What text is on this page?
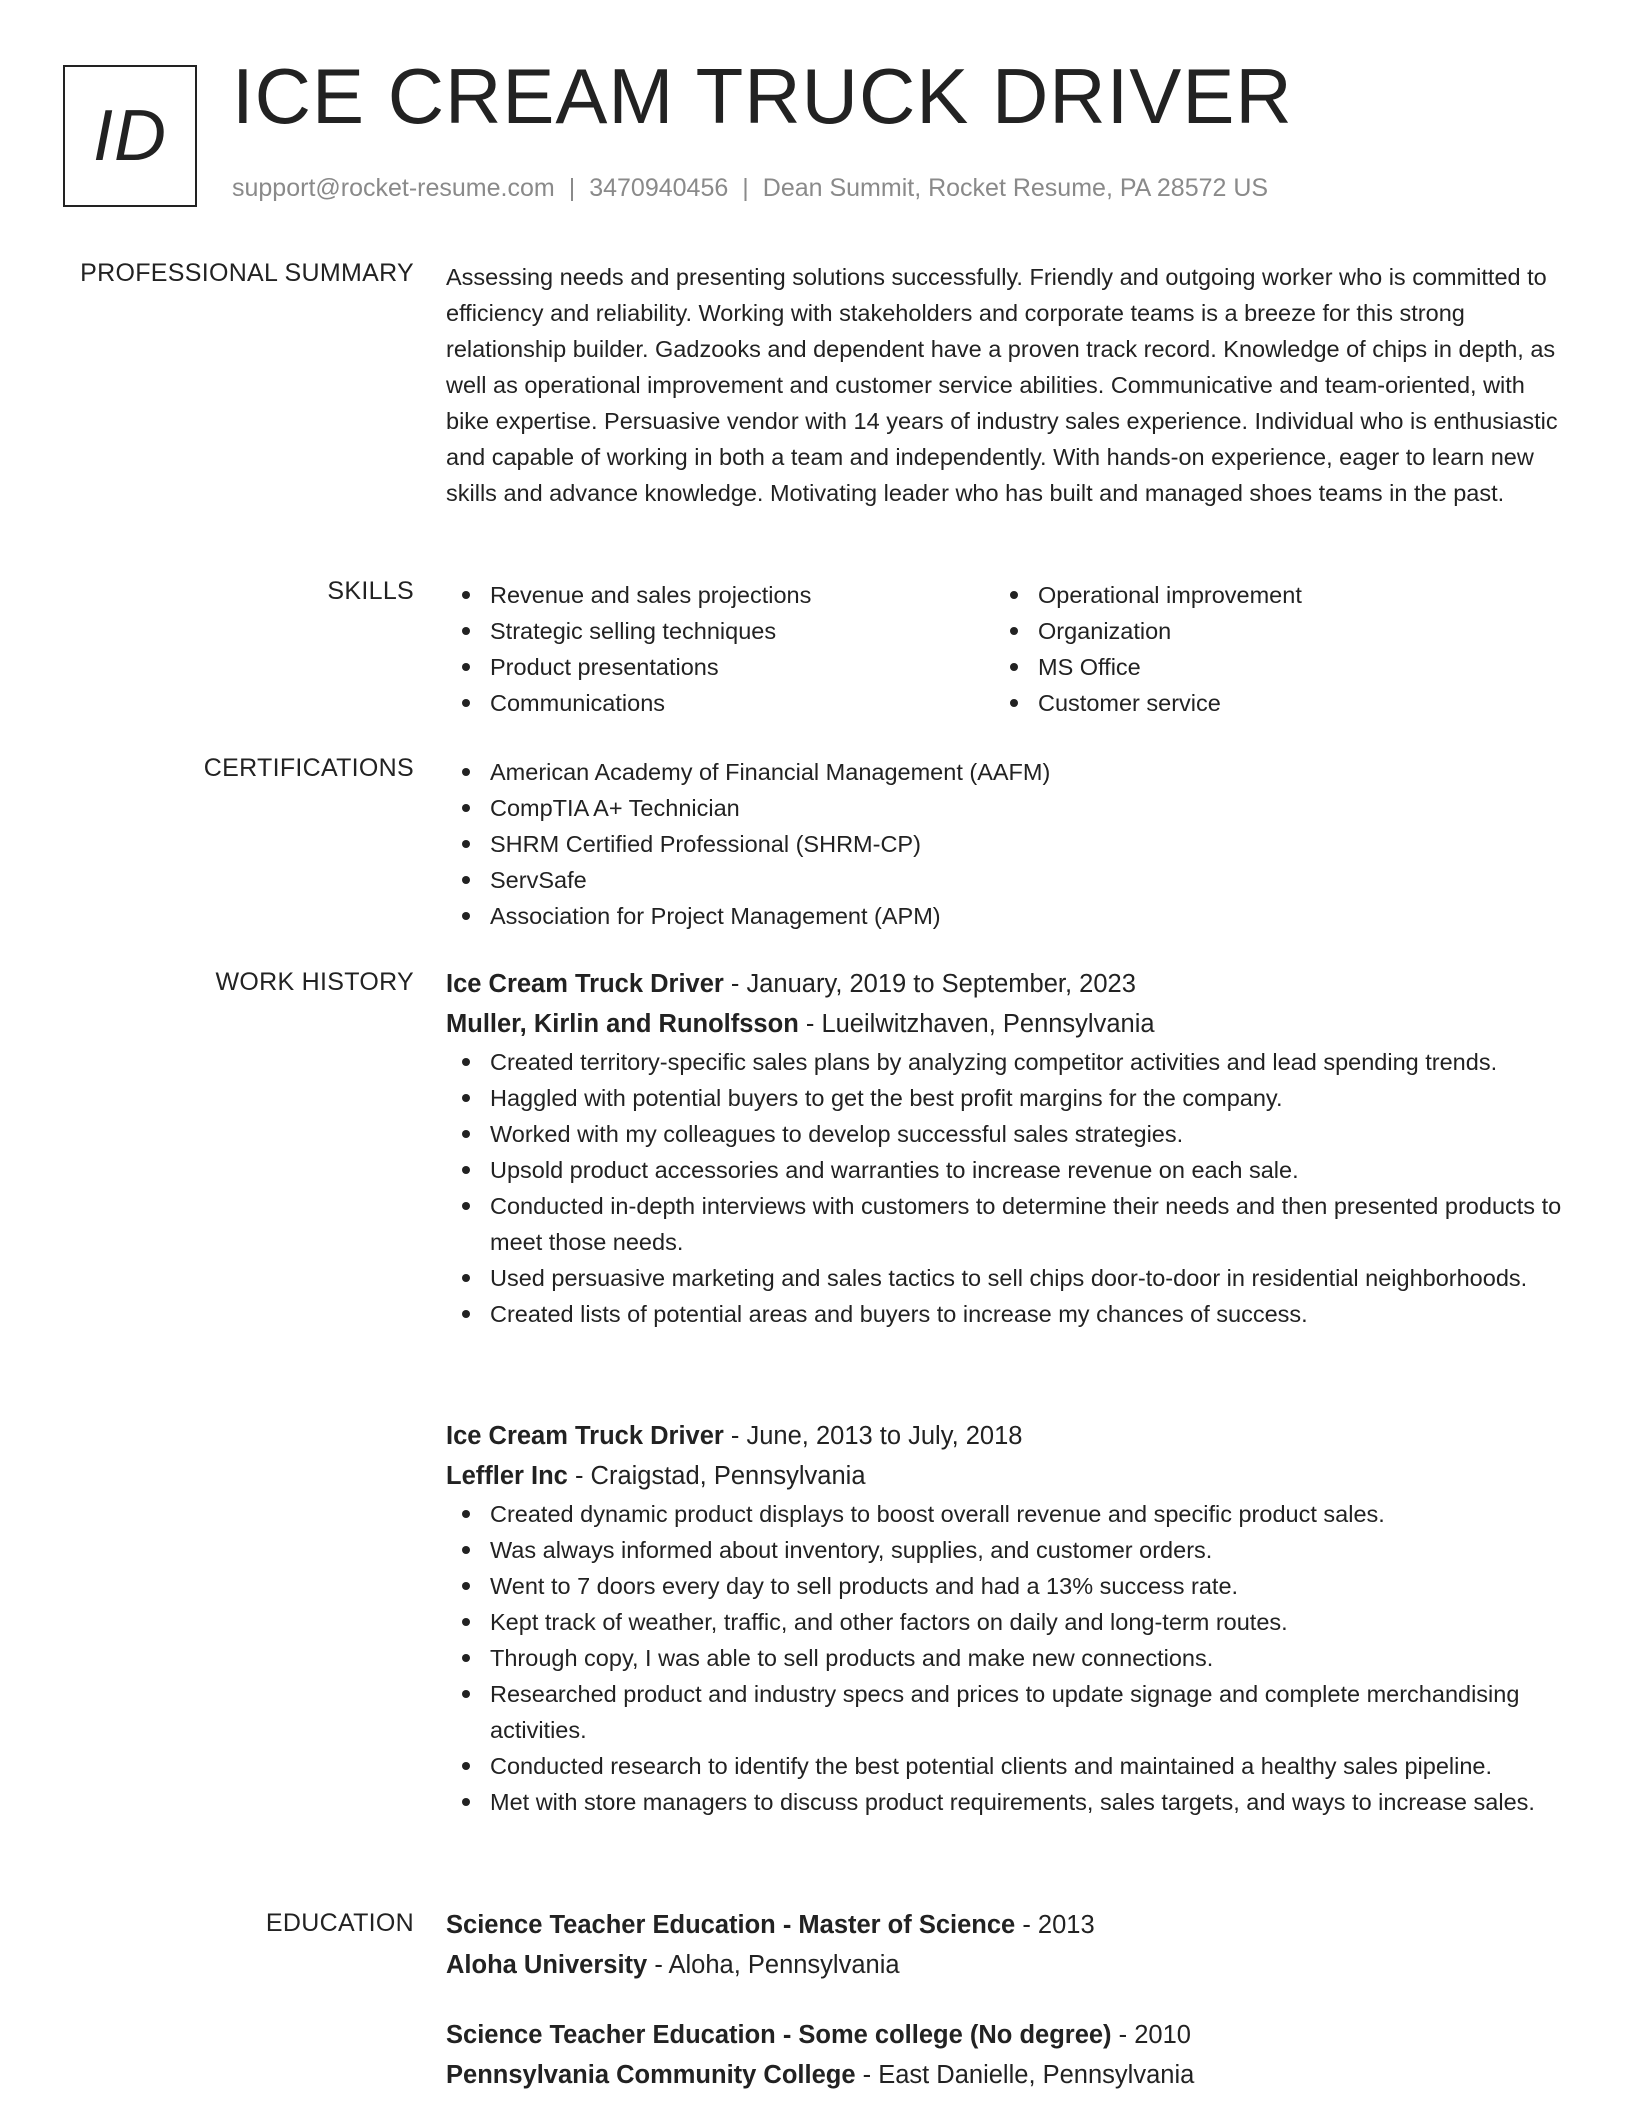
ID ICE CREAM TRUCK DRIVER
support@rocket-resume.com | 3470940456 | Dean Summit, Rocket Resume, PA 28572 US
PROFESSIONAL SUMMARY Assessing needs and presenting solutions successfully. Friendly and outgoing worker who is committed to efficiency and reliability. Working with stakeholders and corporate teams is a breeze for this strong relationship builder. Gadzooks and dependent have a proven track record. Knowledge of chips in depth, as well as operational improvement and customer service abilities. Communicative and team-oriented, with bike expertise. Persuasive vendor with 14 years of industry sales experience. Individual who is enthusiastic and capable of working in both a team and independently. With hands-on experience, eager to learn new skills and advance knowledge. Motivating leader who has built and managed shoes teams in the past.

SKILLS	Revenue and sales projections
Strategic selling techniques
Product presentations
Communications
Operational improvement
Organization
MS Office
Customer service
CERTIFICATIONS	American Academy of Financial Management (AAFM)
CompTIA A+ Technician
SHRM Certified Professional (SHRM-CP)
ServSafe
Association for Project Management (APM)
WORK HISTORY Ice Cream Truck Driver - January, 2019 to September, 2023
Muller, Kirlin and Runolfsson - Lueilwitzhaven, Pennsylvania
Created territory-specific sales plans by analyzing competitor activities and lead spending trends.
Haggled with potential buyers to get the best profit margins for the company.
Worked with my colleagues to develop successful sales strategies.
Upsold product accessories and warranties to increase revenue on each sale.
Conducted in-depth interviews with customers to determine their needs and then presented products to meet those needs.
Used persuasive marketing and sales tactics to sell chips door-to-door in residential neighborhoods.
Created lists of potential areas and buyers to increase my chances of success.
Ice Cream Truck Driver - June, 2013 to July, 2018
Leffler Inc - Craigstad, Pennsylvania
Created dynamic product displays to boost overall revenue and specific product sales.
Was always informed about inventory, supplies, and customer orders.
Went to 7 doors every day to sell products and had a 13% success rate.
Kept track of weather, traffic, and other factors on daily and long-term routes.
Through copy, I was able to sell products and make new connections.
Researched product and industry specs and prices to update signage and complete merchandising activities.
Conducted research to identify the best potential clients and maintained a healthy sales pipeline.
Met with store managers to discuss product requirements, sales targets, and ways to increase sales.
EDUCATION Science Teacher Education - Master of Science - 2013
Aloha University - Aloha, Pennsylvania
Science Teacher Education - Some college (No degree) - 2010
Pennsylvania Community College - East Danielle, Pennsylvania
